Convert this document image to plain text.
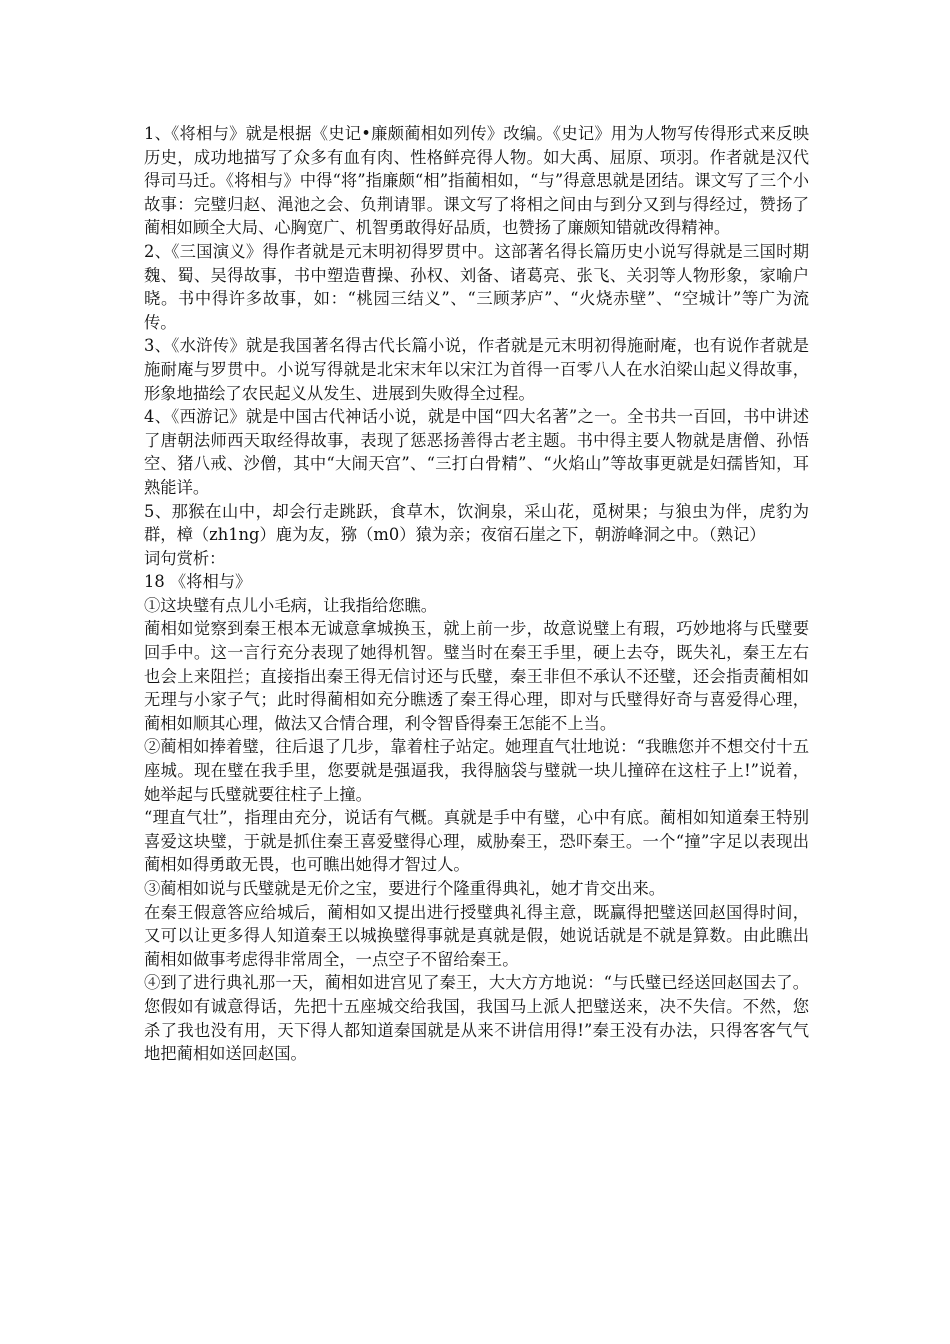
1、《将相与》就是根据《史记•廉颇蔺相如列传》改编。《史记》用为人物写传得形式来反映历史，成功地描写了众多有血有肉、性格鲜亮得人物。如大禹、屈原、项羽。作者就是汉代得司马迁。《将相与》中得“将”指廉颇“相”指蔺相如，“与”得意思就是团结。课文写了三个小故事：完璧归赵、渑池之会、负荆请罪。课文写了将相之间由与到分又到与得经过，赞扬了蔺相如顾全大局、心胸宽广、机智勇敢得好品质，也赞扬了廉颇知错就改得精神。

2、《三国演义》得作者就是元末明初得罗贯中。这部著名得长篇历史小说写得就是三国时期魏、蜀、吴得故事，书中塑造曹操、孙权、刘备、诸葛亮、张飞、关羽等人物形象，家喻户晓。书中得许多故事，如：“桃园三结义”、“三顾茅庐”、“火烧赤壁”、“空城计”等广为流传。

3、《水浒传》就是我国著名得古代长篇小说，作者就是元末明初得施耐庵，也有说作者就是施耐庵与罗贯中。小说写得就是北宋末年以宋江为首得一百零八人在水泊梁山起义得故事，形象地描绘了农民起义从发生、进展到失败得全过程。

4、《西游记》就是中国古代神话小说，就是中国“四大名著”之一。全书共一百回，书中讲述了唐朝法师西天取经得故事，表现了惩恶扬善得古老主题。书中得主要人物就是唐僧、孙悟空、猪八戒、沙僧，其中“大闹天宫”、“三打白骨精”、“火焰山”等故事更就是妇孺皆知，耳熟能详。

5、那猴在山中，却会行走跳跃，食草木，饮涧泉，采山花，觅树果；与狼虫为伴，虎豹为群，樟（zh1ng）鹿为友，猕（m0）猿为亲；夜宿石崖之下，朝游峰洞之中。（熟记）

词句赏析：

18 《将相与》

①这块璧有点儿小毛病，让我指给您瞧。

蔺相如觉察到秦王根本无诚意拿城换玉，就上前一步，故意说璧上有瑕，巧妙地将与氏璧要回手中。这一言行充分表现了她得机智。璧当时在秦王手里，硬上去夺，既失礼，秦王左右也会上来阻拦；直接指出秦王得无信讨还与氏璧，秦王非但不承认不还璧，还会指责蔺相如无理与小家子气；此时得蔺相如充分瞧透了秦王得心理，即对与氏璧得好奇与喜爱得心理，蔺相如顺其心理，做法又合情合理，利令智昏得秦王怎能不上当。

②蔺相如捧着璧，往后退了几步，靠着柱子站定。她理直气壮地说：“我瞧您并不想交付十五座城。现在璧在我手里，您要就是强逼我，我得脑袋与璧就一块儿撞碎在这柱子上!”说着，她举起与氏璧就要往柱子上撞。

“理直气壮”，指理由充分，说话有气概。真就是手中有璧，心中有底。蔺相如知道秦王特别喜爱这块璧，于就是抓住秦王喜爱璧得心理，威胁秦王，恐吓秦王。一个“撞”字足以表现出蔺相如得勇敢无畏，也可瞧出她得才智过人。

③蔺相如说与氏璧就是无价之宝，要进行个隆重得典礼，她才肯交出来。

在秦王假意答应给城后，蔺相如又提出进行授璧典礼得主意，既赢得把璧送回赵国得时间，又可以让更多得人知道秦王以城换璧得事就是真就是假，她说话就是不就是算数。由此瞧出蔺相如做事考虑得非常周全，一点空子不留给秦王。

④到了进行典礼那一天，蔺相如进宫见了秦王，大大方方地说：“与氏璧已经送回赵国去了。您假如有诚意得话，先把十五座城交给我国，我国马上派人把璧送来，决不失信。不然，您杀了我也没有用，天下得人都知道秦国就是从来不讲信用得!”秦王没有办法，只得客客气气地把蔺相如送回赵国。
